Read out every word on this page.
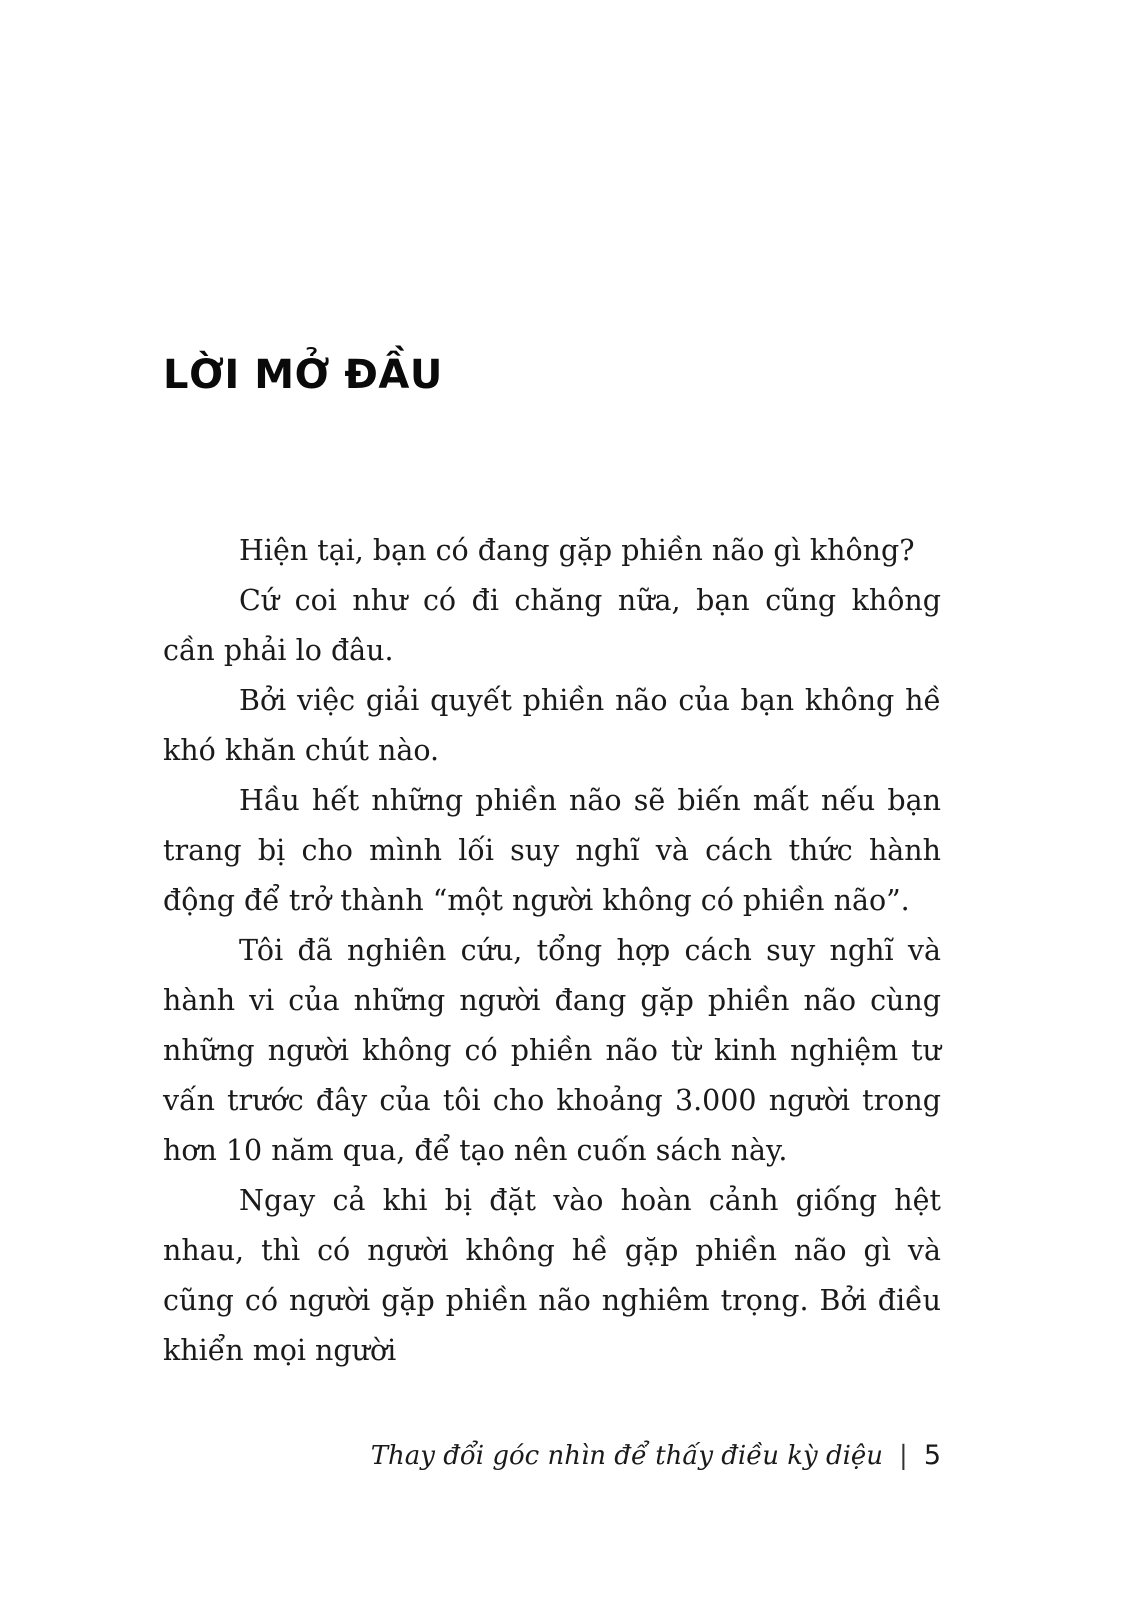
LỜI MỞ ĐẦU

Hiện tại, bạn có đang gặp phiền não gì không?

Cứ coi như có đi chăng nữa, bạn cũng không cần phải lo đâu.

Bởi việc giải quyết phiền não của bạn không hề khó khăn chút nào.

Hầu hết những phiền não sẽ biến mất nếu bạn trang bị cho mình lối suy nghĩ và cách thức hành động để trở thành “một người không có phiền não”.

Tôi đã nghiên cứu, tổng hợp cách suy nghĩ và hành vi của những người đang gặp phiền não cùng những người không có phiền não từ kinh nghiệm tư vấn trước đây của tôi cho khoảng 3.000 người trong hơn 10 năm qua, để tạo nên cuốn sách này.

Ngay cả khi bị đặt vào hoàn cảnh giống hệt nhau, thì có người không hề gặp phiền não gì và cũng có người gặp phiền não nghiêm trọng. Bởi điều khiển mọi người

Thay đổi góc nhìn để thấy điều kỳ diệu | 5
